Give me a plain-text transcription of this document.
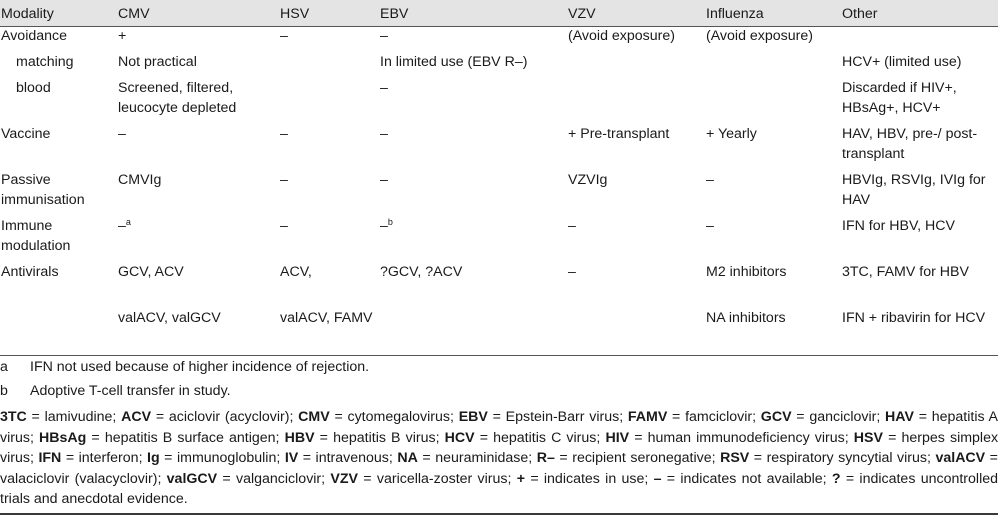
Modality	CMV	HSV	EBV	VZV	Influenza	Other
Avoidance	+	–	–	(Avoid exposure)	(Avoid exposure)	
matching	Not practical		In limited use (EBV R–)			HCV+ (limited use)
blood	Screened, filtered, leucocyte depleted		–			Discarded if HIV+, HBsAg+, HCV+
Vaccine	–	–	–	+ Pre-transplant	+ Yearly	HAV, HBV, pre-/ post-transplant
Passive immunisation	CMVIg	–	–	VZVIg	–	HBVIg, RSVIg, IVIg for HAV
Immune modulation	–$^a$	–	–$^b$	–	–	IFN for HBV, HCV
Antivirals	GCV, ACV	ACV,	?GCV, ?ACV	–	M2 inhibitors	3TC, FAMV for HBV
	valACV, valGCV	valACV, FAMV			NA inhibitors	IFN + ribavirin for HCV
a	IFN not used because of higher incidence of rejection.
b	Adoptive T-cell transfer in study.
3TC = lamivudine; ACV = aciclovir (acyclovir); CMV = cytomegalovirus; EBV = Epstein-Barr virus; FAMV = famciclovir; GCV = ganciclovir; HAV = hepatitis A virus; HBsAg = hepatitis B surface antigen; HBV = hepatitis B virus; HCV = hepatitis C virus; HIV = human immunodeficiency virus; HSV = herpes simplex virus; IFN = interferon; Ig = immunoglobulin; IV = intravenous; NA = neuraminidase; R– = recipient seronegative; RSV = respiratory syncytial virus; valACV = valaciclovir (valacyclovir); valGCV = valganciclovir; VZV = varicella-zoster virus; + = indicates in use; – = indicates not available; ? = indicates uncontrolled trials and anecdotal evidence.
